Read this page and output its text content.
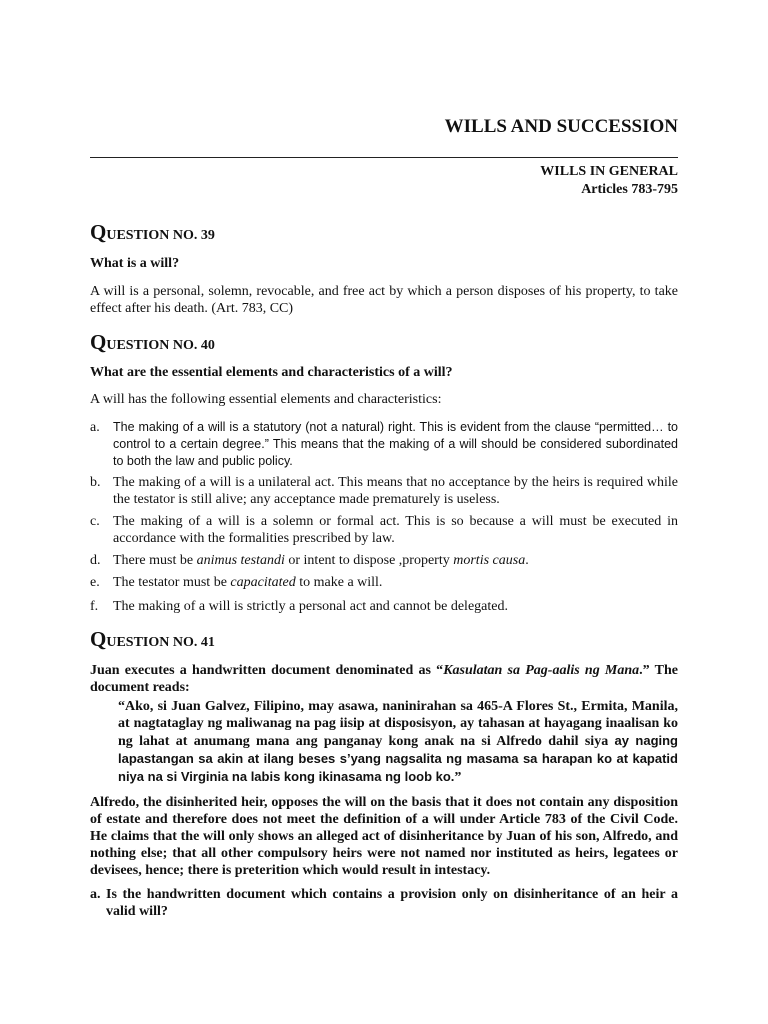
WILLS AND SUCCESSION
WILLS IN GENERAL
Articles 783-795
QUESTION NO. 39
What is a will?
A will is a personal, solemn, revocable, and free act by which a person disposes of his property, to take effect after his death. (Art. 783, CC)
QUESTION NO. 40
What are the essential elements and characteristics of a will?
A will has the following essential elements and characteristics:
a. The making of a will is a statutory (not a natural) right. This is evident from the clause “permitted… to control to a certain degree.” This means that the making of a will should be considered subordinated to both the law and public policy.
b. The making of a will is a unilateral act. This means that no acceptance by the heirs is required while the testator is still alive; any acceptance made prematurely is useless.
c. The making of a will is a solemn or formal act. This is so because a will must be executed in accordance with the formalities prescribed by law.
d. There must be animus testandi or intent to dispose ,property mortis causa.
e. The testator must be capacitated to make a will.
f. The making of a will is strictly a personal act and cannot be delegated.
QUESTION NO. 41
Juan executes a handwritten document denominated as “Kasulatan sa Pag-aalis ng Mana.” The document reads:
“Ako, si Juan Galvez, Filipino, may asawa, naninirahan sa 465-A Flores St., Ermita, Manila, at nagtataglay ng maliwanag na pag iisip at disposisyon, ay tahasan at hayagang inaalisan ko ng lahat at anumang mana ang panganay kong anak na si Alfredo dahil siya ay naging lapastangan sa akin at ilang beses s’yang nagsalita ng masama sa harapan ko at kapatid niya na si Virginia na labis kong ikinasama ng loob ko.”
Alfredo, the disinherited heir, opposes the will on the basis that it does not contain any disposition of estate and therefore does not meet the definition of a will under Article 783 of the Civil Code. He claims that the will only shows an alleged act of disinheritance by Juan of his son, Alfredo, and nothing else; that all other compulsory heirs were not named nor instituted as heirs, legatees or devisees, hence; there is preterition which would result in intestacy.
a. Is the handwritten document which contains a provision only on disinheritance of an heir a valid will?
